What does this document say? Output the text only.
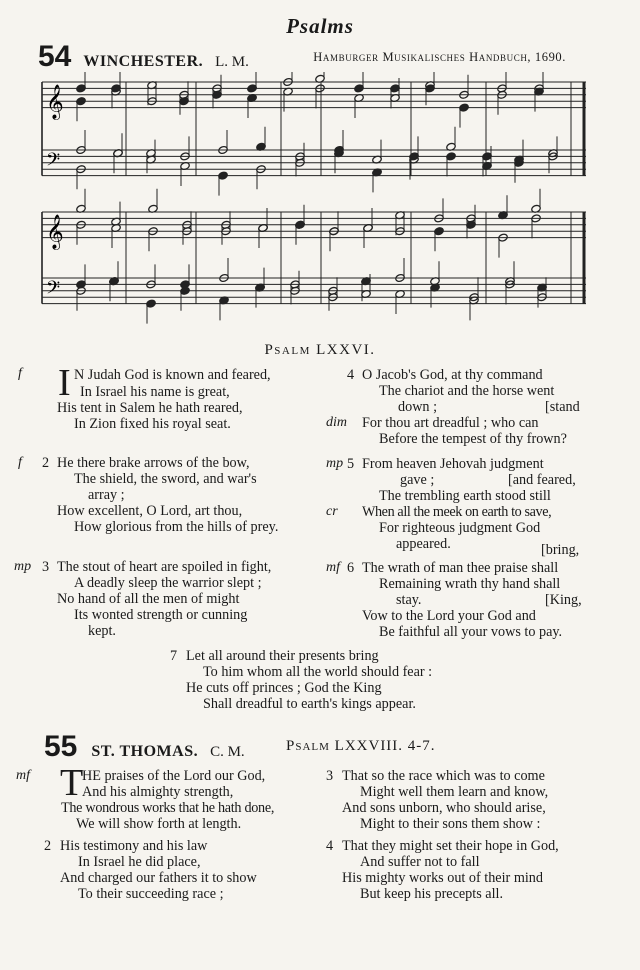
Psalms
54 WINCHESTER. L. M.	Hamburger Musikalisches Handbuch, 1690.
𝄞
𝄢
𝄞
𝄢
Psalm LXXVI.
f I N Judah God is known and feared,
In Israel his name is great,
His tent in Salem he hath reared,
In Zion fixed his royal seat.
f 2 He there brake arrows of the bow,
The shield, the sword, and war's
array ;
How excellent, O Lord, art thou,
How glorious from the hills of prey.
mp 3 The stout of heart are spoiled in fight,
A deadly sleep the warrior slept ;
No hand of all the men of might
Its wonted strength or cunning
kept.
4 O Jacob's God, at thy command
The chariot and the horse went
down ;	[stand
dim For thou art dreadful ; who can
Before the tempest of thy frown?
mp 5 From heaven Jehovah judgment
gave ;	[and feared,
The trembling earth stood still
cr When all the meek on earth to save,
For righteous judgment God
appeared.	[bring,
mf 6 The wrath of man thee praise shall
Remaining wrath thy hand shall
stay.	[King,
Vow to the Lord your God and
Be faithful all your vows to pay.
7 Let all around their presents bring
To him whom all the world should fear :
He cuts off princes ; God the King
Shall dreadful to earth's kings appear.
55 ST. THOMAS. C. M.	Psalm LXXVIII. 4-7.
mf T
HE praises of the Lord our God,
And his almighty strength,
The wondrous works that he hath done,
We will show forth at length.
2 His testimony and his law
In Israel he did place,
And charged our fathers it to show
To their succeeding race ;
3 That so the race which was to come
Might well them learn and know,
And sons unborn, who should arise,
Might to their sons them show :
4 That they might set their hope in God,
And suffer not to fall
His mighty works out of their mind
But keep his precepts all.
